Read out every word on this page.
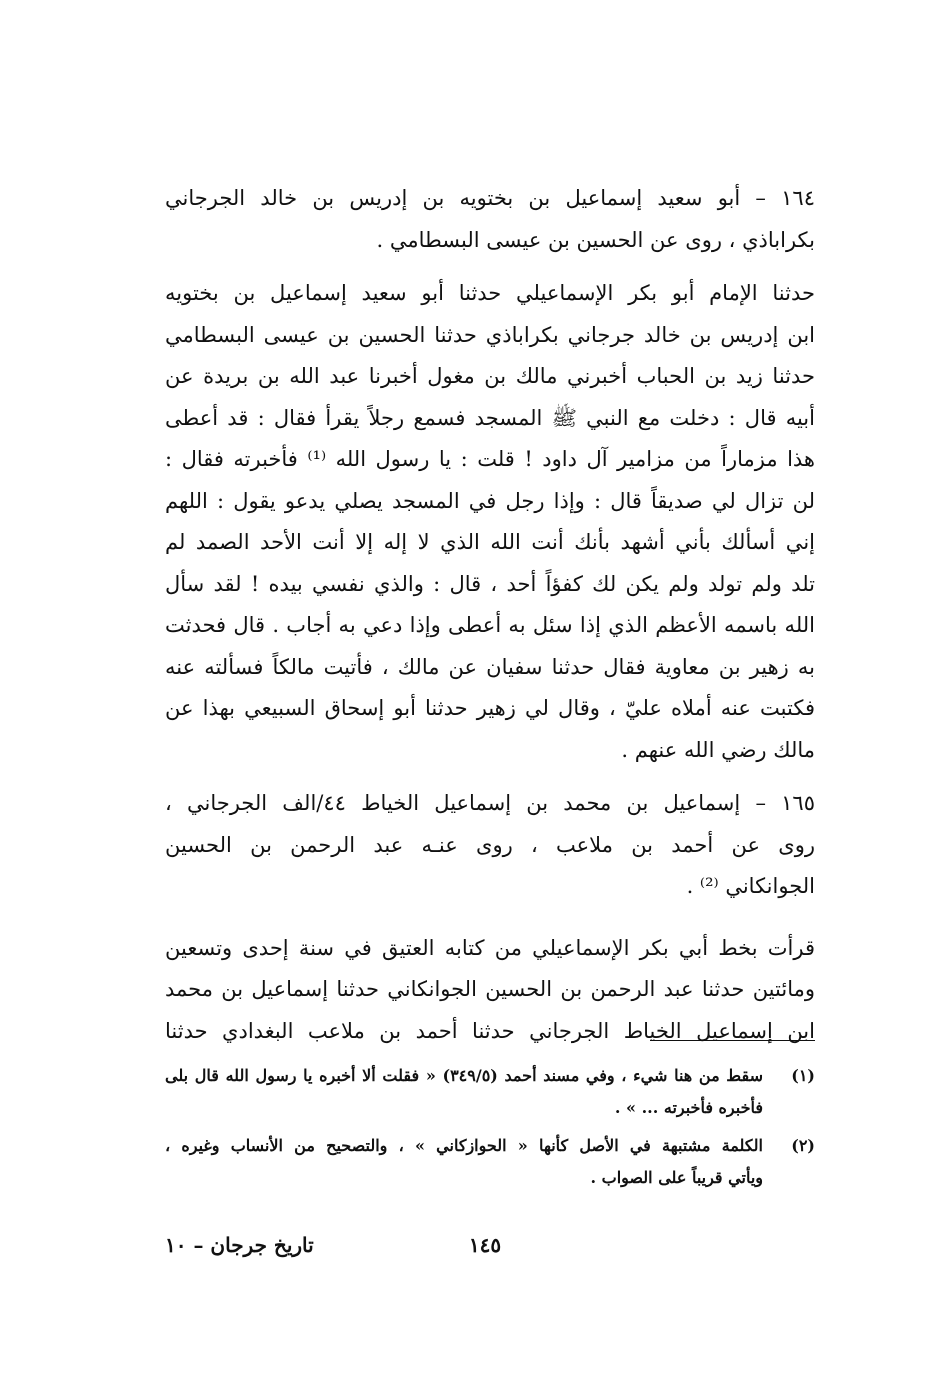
١٦٤ – أبو سعيد إسماعيل بن بختويه بن إدريس بن خالد الجرجاني
بكراباذي ، روى عن الحسين بن عيسى البسطامي .
حدثنا الإمام أبو بكر الإسماعيلي حدثنا أبو سعيد إسماعيل بن بختويه
ابن إدريس بن خالد جرجاني بكراباذي حدثنا الحسين بن عيسى البسطامي
حدثنا زيد بن الحباب أخبرني مالك بن مغول أخبرنا عبد الله بن بريدة عن
أبيه قال : دخلت مع النبي ﷺ المسجد فسمع رجلاً يقرأ فقال : قد أعطى
هذا مزماراً من مزامير آل داود ! قلت : يا رسول الله ⁽¹⁾ فأخبرته فقال :
لن تزال لي صديقاً قال : وإذا رجل في المسجد يصلي يدعو يقول : اللهم
إني أسألك بأني أشهد بأنك أنت الله الذي لا إله إلا أنت الأحد الصمد لم
تلد ولم تولد ولم يكن لك كفؤاً أحد ، قال : والذي نفسي بيده ! لقد سأل
الله باسمه الأعظم الذي إذا سئل به أعطى وإذا دعي به أجاب . قال فحدثت
به زهير بن معاوية فقال حدثنا سفيان عن مالك ، فأتيت مالكاً فسألته عنه
فكتبت عنه أملاه عليّ ، وقال لي زهير حدثنا أبو إسحاق السبيعي بهذا عن
مالك رضي الله عنهم .
١٦٥ – إسماعيل بن محمد بن إسماعيل الخياط ٤٤/الف الجرجاني ،
روى عن أحمد بن ملاعب ، روى عنـه عبد الرحمن بن الحسين
الجوانكاني ⁽²⁾ .
قرأت بخط أبي بكر الإسماعيلي من كتابه العتيق في سنة إحدى وتسعين
ومائتين حدثنا عبد الرحمن بن الحسين الجوانكاني حدثنا إسماعيل بن محمد
ابن إسماعيل الخياط الجرجاني حدثنا أحمد بن ملاعب البغدادي حدثنا
(١)
سقط من هنا شيء ، وفي مسند أحمد (٣٤٩/٥) « فقلت ألا أخبره يا رسول الله قال بلى
فأخبره فأخبرته ... » .
(٢)
الكلمة مشتبهة في الأصل كأنها « الحوازكاني » ، والتصحيح من الأنساب وغيره ،
ويأتي قريباً على الصواب .
١٤٥
تاريخ جرجان – ١٠
